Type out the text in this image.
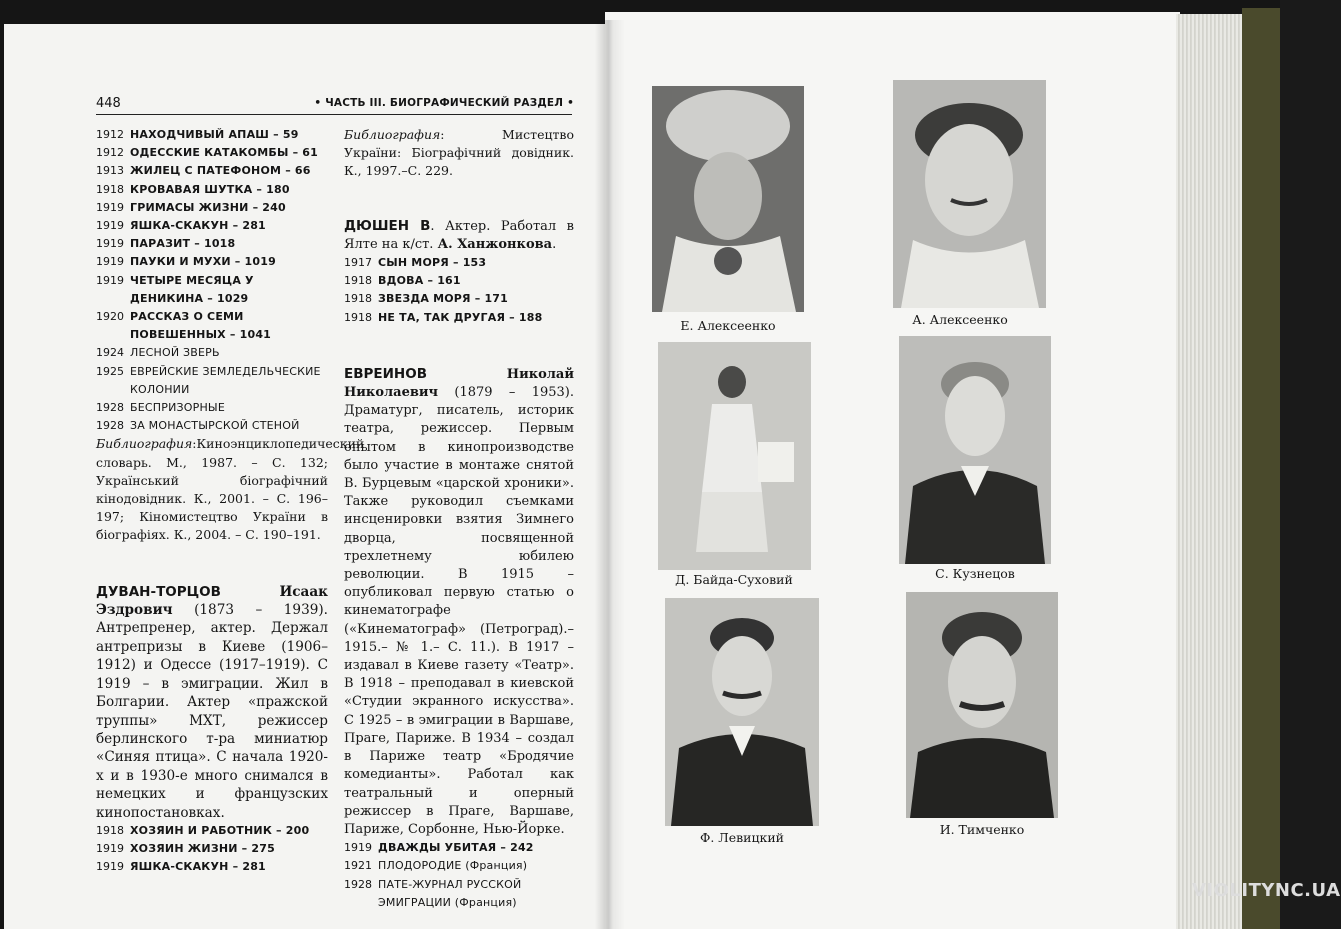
448	• ЧАСТЬ III. БИОГРАФИЧЕСКИЙ РАЗДЕЛ •
1912 НАХОДЧИВЫЙ АПАШ – 59
1912 ОДЕССКИЕ КАТАКОМБЫ – 61
1913 ЖИЛЕЦ С ПАТЕФОНОМ – 66
1918 КРОВАВАЯ ШУТКА – 180
1919 ГРИМАСЫ ЖИЗНИ – 240
1919 ЯШКА-СКАКУН – 281
1919 ПАРАЗИТ – 1018
1919 ПАУКИ И МУХИ – 1019
1919 ЧЕТЫРЕ МЕСЯЦА У ДЕНИКИНА – 1029
1920 РАССКАЗ О СЕМИ ПОВЕШЕННЫХ – 1041
1924 ЛЕСНОЙ ЗВЕРЬ
1925 ЕВРЕЙСКИЕ ЗЕМЛЕДЕЛЬЧЕСКИЕ КОЛОНИИ
1928 БЕСПРИЗОРНЫЕ
1928 ЗА МОНАСТЫРСКОЙ СТЕНОЙ
Библиография:Киноэнциклопедический словарь. М., 1987. – С. 132; Український біографічний кінодовідник. К., 2001. – С. 196–197; Кіномистецтво України в біографіях. К., 2004. – С. 190–191.
ДУВАН-ТОРЦОВ	Исаак Эздрович (1873 – 1939). Антрепренер, актер. Держал антрепризы в Киеве (1906–1912) и Одессе (1917–1919). С 1919 – в эмиграции. Жил в Болгарии. Актер «пражской труппы» МХТ, режиссер берлинского т-ра миниатюр «Синяя птица». С начала 1920-х и в 1930-е много снимался в немецких и французских кинопостановках.
1918 ХОЗЯИН И РАБОТНИК – 200
1919 ХОЗЯИН ЖИЗНИ – 275
1919 ЯШКА-СКАКУН – 281
Библиография: Мистецтво України: Біографічний довідник. К., 1997.–С. 229.
ДЮШЕН В. Актер. Работал в Ялте на к/ст. А. Ханжонкова.
1917 СЫН МОРЯ – 153
1918 ВДОВА – 161
1918 ЗВЕЗДА МОРЯ – 171
1918 НЕ ТА, ТАК ДРУГАЯ – 188
ЕВРЕИНОВ	Николай Николаевич (1879 – 1953). Драматург, писатель, историк театра, режиссер. Первым опытом в кинопроизводстве было участие в монтаже снятой В. Бурцевым «царской хроники». Также руководил съемками инсценировки взятия Зимнего дворца, посвященной трехлетнему юбилею революции. В 1915 – опубликовал первую статью о кинематографе («Кинематограф» (Петроград).–1915.– № 1.– С. 11.). В 1917 – издавал в Киеве газету «Театр». В 1918 – преподавал в киевской «Студии экранного искусства». С 1925 – в эмиграции в Варшаве, Праге, Париже. В 1934 – создал в Париже театр «Бродячие комедианты». Работал как театральный и оперный режиссер в Праге, Варшаве, Париже, Сорбонне, Нью-Йорке.
1919 ДВАЖДЫ УБИТАЯ – 242
1921 ПЛОДОРОДИЕ (Франция)
1928 ПАТЕ-ЖУРНАЛ РУССКОЙ ЭМИГРАЦИИ (Франция)
Е. Алексеенко	А. Алексеенко
Д. Байда-Суховий	С. Кузнецов
Ф. Левицкий
И. Тимченко
VIOLITYNC.UA
